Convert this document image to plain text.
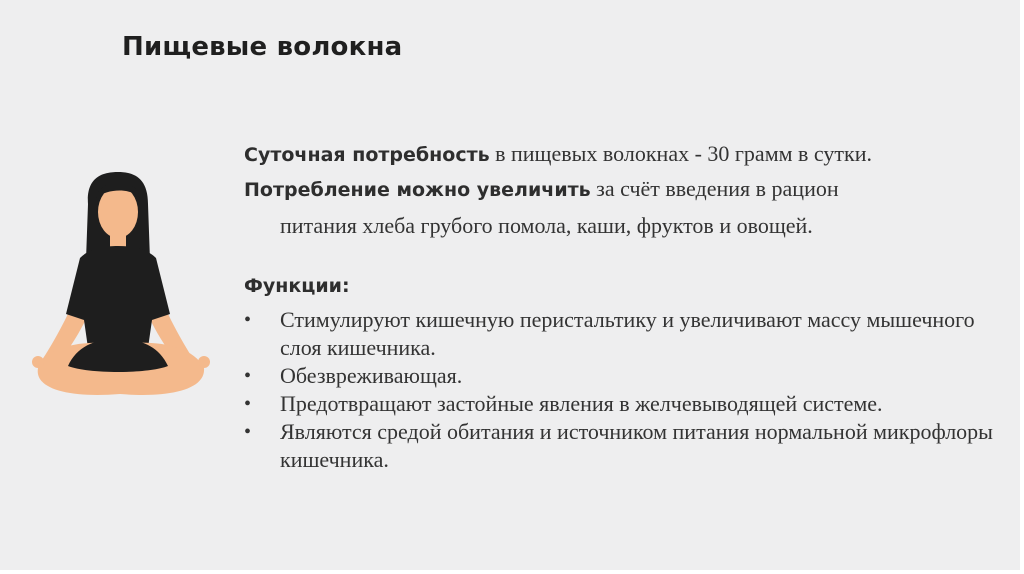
Пищевые волокна

Суточная потребность в пищевых волокнах - 30 грамм в сутки.

Потребление можно увеличить за счёт введения в рацион

питания хлеба грубого помола, каши, фруктов и овощей.

Функции:
• Стимулируют кишечную перистальтику и увеличивают массу мышечного слоя кишечника.
• Обезвреживающая.
• Предотвращают застойные явления в желчевыводящей системе.
• Являются средой обитания и источником питания нормальной микрофлоры кишечника.
